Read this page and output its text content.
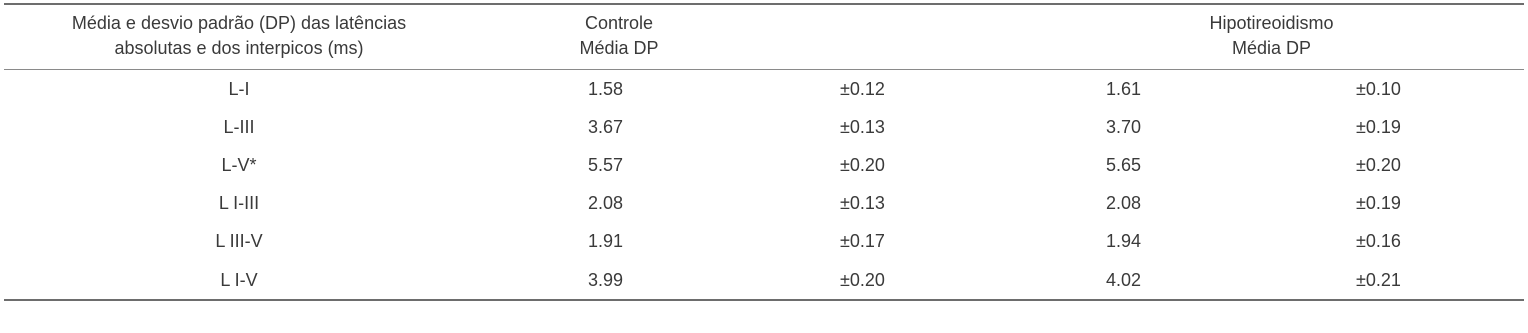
Média e desvio padrão (DP) das latências
absolutas e dos interpicos (ms)

Controle
Média DP

Hipotireoidismo
Média DP
L-I	1.58	±0.12	1.61	±0.10
L-III	3.67	±0.13	3.70	±0.19
L-V*	5.57	±0.20	5.65	±0.20
L I-III	2.08	±0.13	2.08	±0.19
L III-V	1.91	±0.17	1.94	±0.16
L I-V	3.99	±0.20	4.02	±0.21
